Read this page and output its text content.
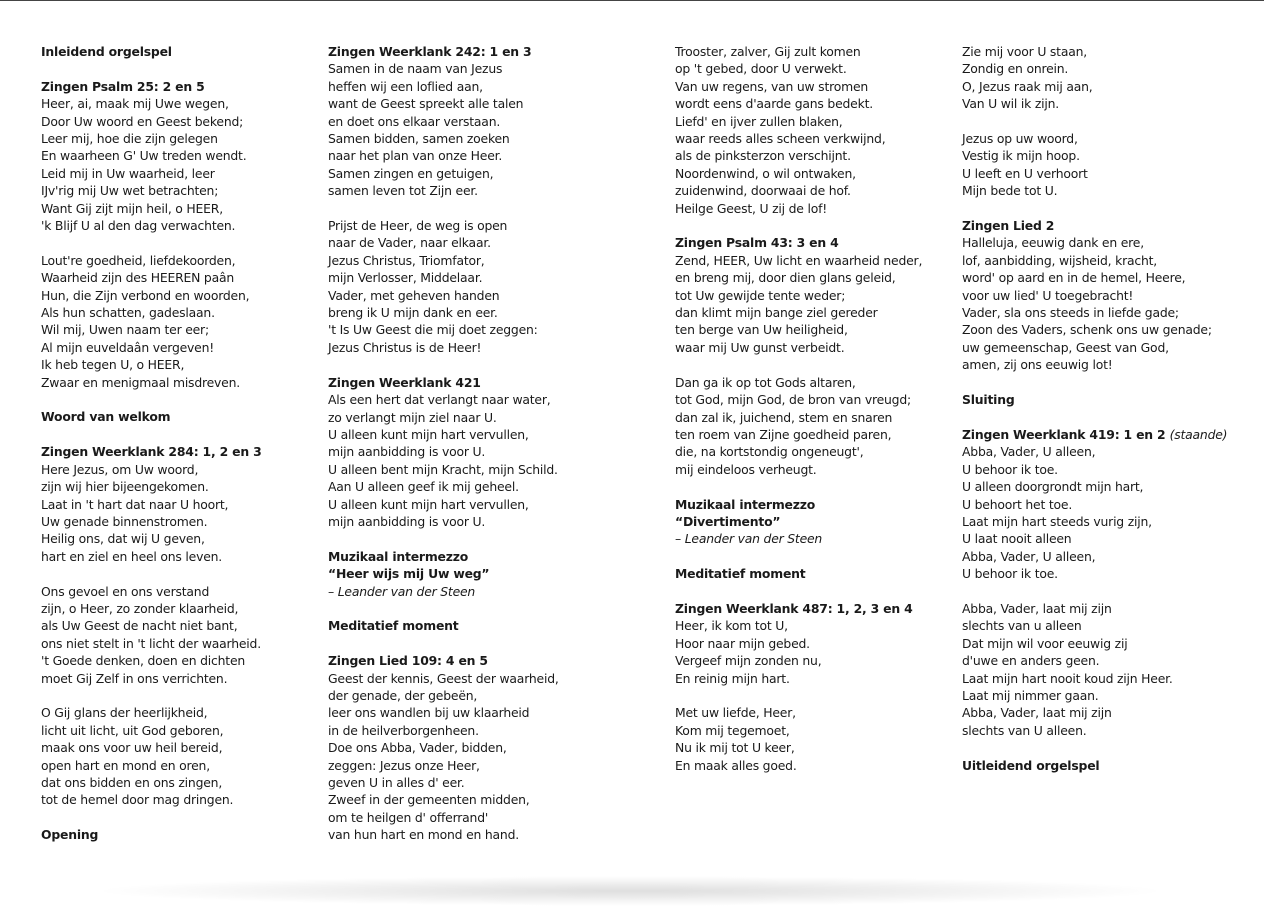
Inleidend orgelspel
Zingen Psalm 25: 2 en 5
Heer, ai, maak mij Uwe wegen,
Door Uw woord en Geest bekend;
Leer mij, hoe die zijn gelegen
En waarheen G' Uw treden wendt.
Leid mij in Uw waarheid, leer
IJv'rig mij Uw wet betrachten;
Want Gij zijt mijn heil, o HEER,
'k Blijf U al den dag verwachten.
Lout're goedheid, liefdekoorden,
Waarheid zijn des HEEREN paân
Hun, die Zijn verbond en woorden,
Als hun schatten, gadeslaan.
Wil mij, Uwen naam ter eer;
Al mijn euveldaân vergeven!
Ik heb tegen U, o HEER,
Zwaar en menigmaal misdreven.
Woord van welkom
Zingen Weerklank 284: 1, 2 en 3
Here Jezus, om Uw woord,
zijn wij hier bijeengekomen.
Laat in 't hart dat naar U hoort,
Uw genade binnenstromen.
Heilig ons, dat wij U geven,
hart en ziel en heel ons leven.
Ons gevoel en ons verstand
zijn, o Heer, zo zonder klaarheid,
als Uw Geest de nacht niet bant,
ons niet stelt in 't licht der waarheid.
't Goede denken, doen en dichten
moet Gij Zelf in ons verrichten.
O Gij glans der heerlijkheid,
licht uit licht, uit God geboren,
maak ons voor uw heil bereid,
open hart en mond en oren,
dat ons bidden en ons zingen,
tot de hemel door mag dringen.
Opening
Zingen Weerklank 242: 1 en 3
Samen in de naam van Jezus
heffen wij een loflied aan,
want de Geest spreekt alle talen
en doet ons elkaar verstaan.
Samen bidden, samen zoeken
naar het plan van onze Heer.
Samen zingen en getuigen,
samen leven tot Zijn eer.
Prijst de Heer, de weg is open
naar de Vader, naar elkaar.
Jezus Christus, Triomfator,
mijn Verlosser, Middelaar.
Vader, met geheven handen
breng ik U mijn dank en eer.
't Is Uw Geest die mij doet zeggen:
Jezus Christus is de Heer!
Zingen Weerklank 421
Als een hert dat verlangt naar water,
zo verlangt mijn ziel naar U.
U alleen kunt mijn hart vervullen,
mijn aanbidding is voor U.
U alleen bent mijn Kracht, mijn Schild.
Aan U alleen geef ik mij geheel.
U alleen kunt mijn hart vervullen,
mijn aanbidding is voor U.
Muzikaal intermezzo
“Heer wijs mij Uw weg”
– Leander van der Steen
Meditatief moment
Zingen Lied 109: 4 en 5
Geest der kennis, Geest der waarheid,
der genade, der gebeën,
leer ons wandlen bij uw klaarheid
in de heilverborgenheen.
Doe ons Abba, Vader, bidden,
zeggen: Jezus onze Heer,
geven U in alles d' eer.
Zweef in der gemeenten midden,
om te heilgen d' offerrand'
van hun hart en mond en hand.
Trooster, zalver, Gij zult komen
op 't gebed, door U verwekt.
Van uw regens, van uw stromen
wordt eens d'aarde gans bedekt.
Liefd' en ijver zullen blaken,
waar reeds alles scheen verkwijnd,
als de pinksterzon verschijnt.
Noordenwind, o wil ontwaken,
zuidenwind, doorwaai de hof.
Heilge Geest, U zij de lof!
Zingen Psalm 43: 3 en 4
Zend, HEER, Uw licht en waarheid neder,
en breng mij, door dien glans geleid,
tot Uw gewijde tente weder;
dan klimt mijn bange ziel gereder
ten berge van Uw heiligheid,
waar mij Uw gunst verbeidt.
Dan ga ik op tot Gods altaren,
tot God, mijn God, de bron van vreugd;
dan zal ik, juichend, stem en snaren
ten roem van Zijne goedheid paren,
die, na kortstondig ongeneugt',
mij eindeloos verheugt.
Muzikaal intermezzo
“Divertimento”
– Leander van der Steen
Meditatief moment
Zingen Weerklank 487: 1, 2, 3 en 4
Heer, ik kom tot U,
Hoor naar mijn gebed.
Vergeef mijn zonden nu,
En reinig mijn hart.
Met uw liefde, Heer,
Kom mij tegemoet,
Nu ik mij tot U keer,
En maak alles goed.
Zie mij voor U staan,
Zondig en onrein.
O, Jezus raak mij aan,
Van U wil ik zijn.
Jezus op uw woord,
Vestig ik mijn hoop.
U leeft en U verhoort
Mijn bede tot U.
Zingen Lied 2
Halleluja, eeuwig dank en ere,
lof, aanbidding, wijsheid, kracht,
word' op aard en in de hemel, Heere,
voor uw lied' U toegebracht!
Vader, sla ons steeds in liefde gade;
Zoon des Vaders, schenk ons uw genade;
uw gemeenschap, Geest van God,
amen, zij ons eeuwig lot!
Sluiting
Zingen Weerklank 419: 1 en 2 (staande)
Abba, Vader, U alleen,
U behoor ik toe.
U alleen doorgrondt mijn hart,
U behoort het toe.
Laat mijn hart steeds vurig zijn,
U laat nooit alleen
Abba, Vader, U alleen,
U behoor ik toe.
Abba, Vader, laat mij zijn
slechts van u alleen
Dat mijn wil voor eeuwig zij
d'uwe en anders geen.
Laat mijn hart nooit koud zijn Heer.
Laat mij nimmer gaan.
Abba, Vader, laat mij zijn
slechts van U alleen.
Uitleidend orgelspel
